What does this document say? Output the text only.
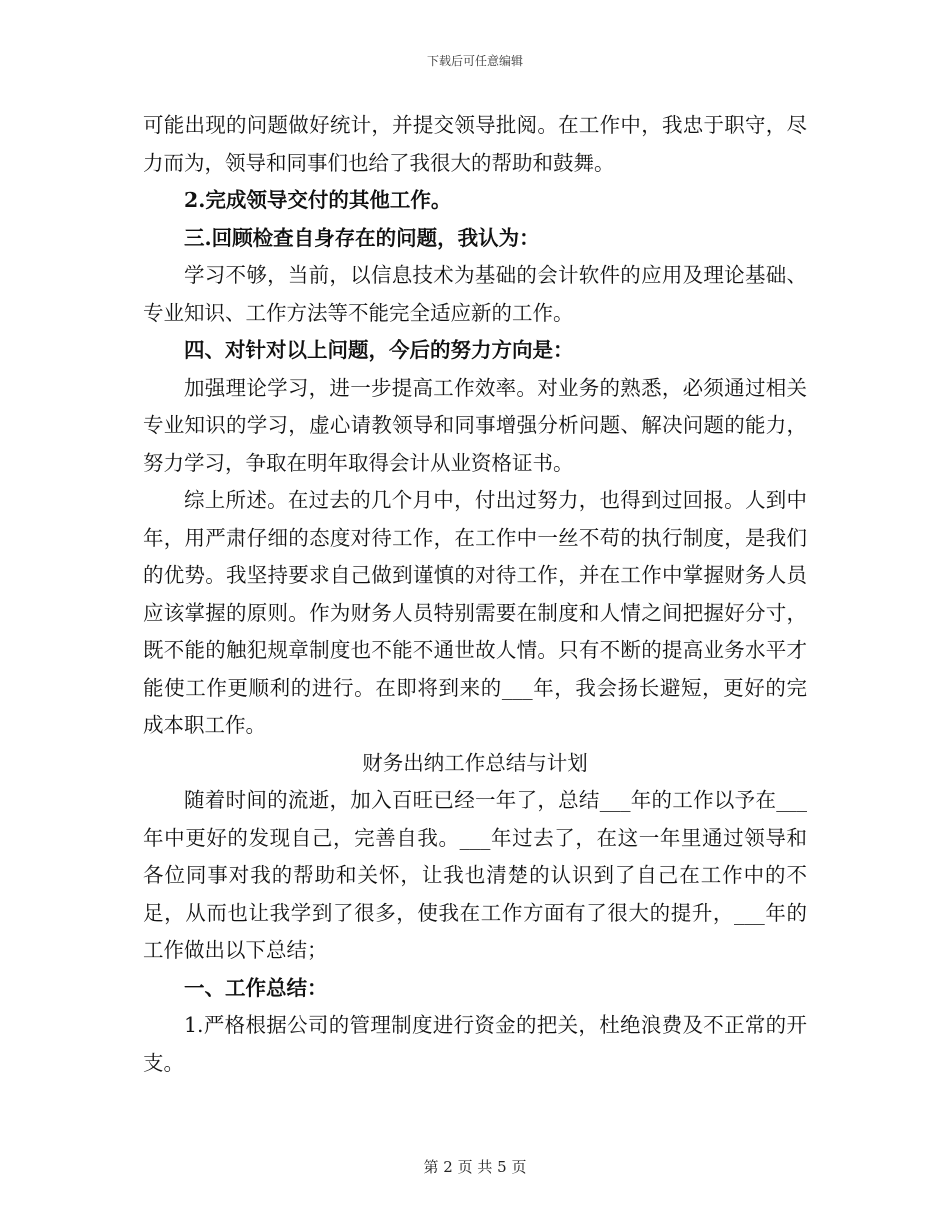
下载后可任意编辑

可能出现的问题做好统计，并提交领导批阅。在工作中，我忠于职守，尽力而为，领导和同事们也给了我很大的帮助和鼓舞。

2.完成领导交付的其他工作。

三.回顾检查自身存在的问题，我认为：

学习不够，当前，以信息技术为基础的会计软件的应用及理论基础、专业知识、工作方法等不能完全适应新的工作。

四、对针对以上问题，今后的努力方向是：

加强理论学习，进一步提高工作效率。对业务的熟悉，必须通过相关专业知识的学习，虚心请教领导和同事增强分析问题、解决问题的能力，努力学习，争取在明年取得会计从业资格证书。

综上所述。在过去的几个月中，付出过努力，也得到过回报。人到中年，用严肃仔细的态度对待工作，在工作中一丝不苟的执行制度，是我们的优势。我坚持要求自己做到谨慎的对待工作，并在工作中掌握财务人员应该掌握的原则。作为财务人员特别需要在制度和人情之间把握好分寸，既不能的触犯规章制度也不能不通世故人情。只有不断的提高业务水平才能使工作更顺利的进行。在即将到来的___年，我会扬长避短，更好的完成本职工作。

财务出纳工作总结与计划

随着时间的流逝，加入百旺已经一年了，总结___年的工作以予在___年中更好的发现自己，完善自我。___年过去了，在这一年里通过领导和各位同事对我的帮助和关怀，让我也清楚的认识到了自己在工作中的不足，从而也让我学到了很多，使我在工作方面有了很大的提升，___年的工作做出以下总结；

一、工作总结：

1.严格根据公司的管理制度进行资金的把关，杜绝浪费及不正常的开支。

第 2 页 共 5 页
